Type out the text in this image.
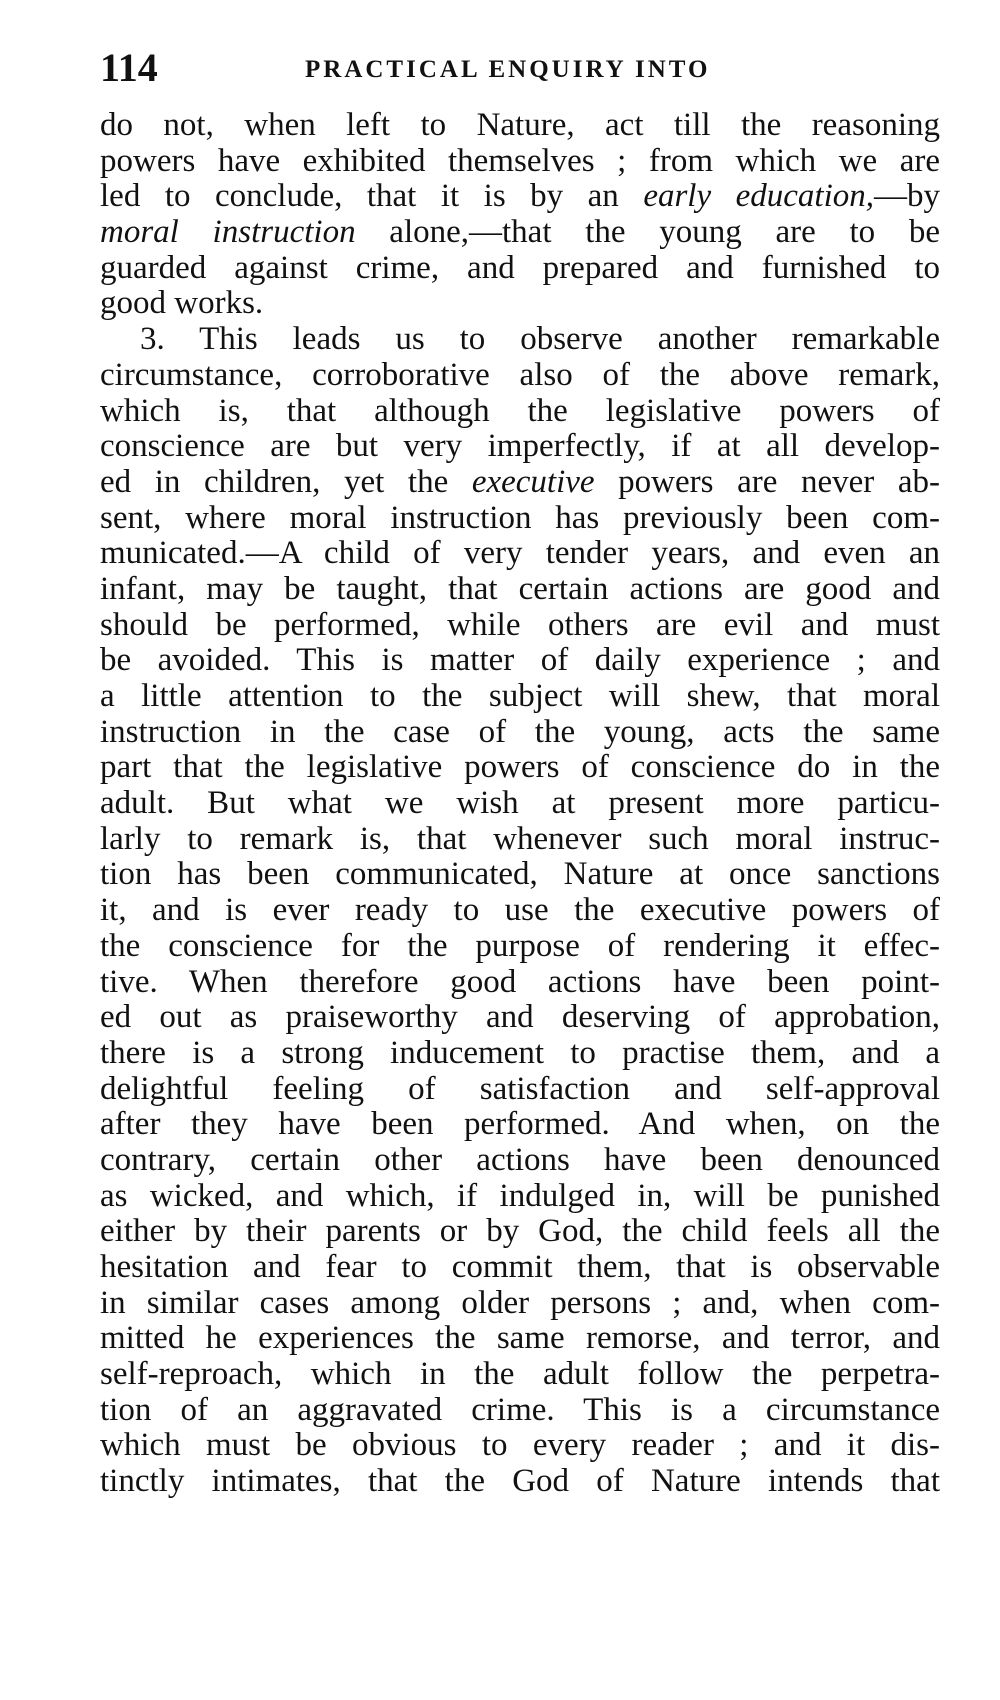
114	PRACTICAL ENQUIRY INTO
do not, when left to Nature, act till the reasoning
powers have exhibited themselves ; from which we are
led to conclude, that it is by an early education,—by
moral instruction alone,—that the young are to be
guarded against crime, and prepared and furnished to
good works.
3. This leads us to observe another remarkable
circumstance, corroborative also of the above remark,
which is, that although the legislative powers of
conscience are but very imperfectly, if at all develop-
ed in children, yet the executive powers are never ab-
sent, where moral instruction has previously been com-
municated.—A child of very tender years, and even an
infant, may be taught, that certain actions are good and
should be performed, while others are evil and must
be avoided. This is matter of daily experience ; and
a little attention to the subject will shew, that moral
instruction in the case of the young, acts the same
part that the legislative powers of conscience do in the
adult. But what we wish at present more particu-
larly to remark is, that whenever such moral instruc-
tion has been communicated, Nature at once sanctions
it, and is ever ready to use the executive powers of
the conscience for the purpose of rendering it effec-
tive. When therefore good actions have been point-
ed out as praiseworthy and deserving of approbation,
there is a strong inducement to practise them, and a
delightful feeling of satisfaction and self-approval
after they have been performed. And when, on the
contrary, certain other actions have been denounced
as wicked, and which, if indulged in, will be punished
either by their parents or by God, the child feels all the
hesitation and fear to commit them, that is observable
in similar cases among older persons ; and, when com-
mitted he experiences the same remorse, and terror, and
self-reproach, which in the adult follow the perpetra-
tion of an aggravated crime. This is a circumstance
which must be obvious to every reader ; and it dis-
tinctly intimates, that the God of Nature intends that
